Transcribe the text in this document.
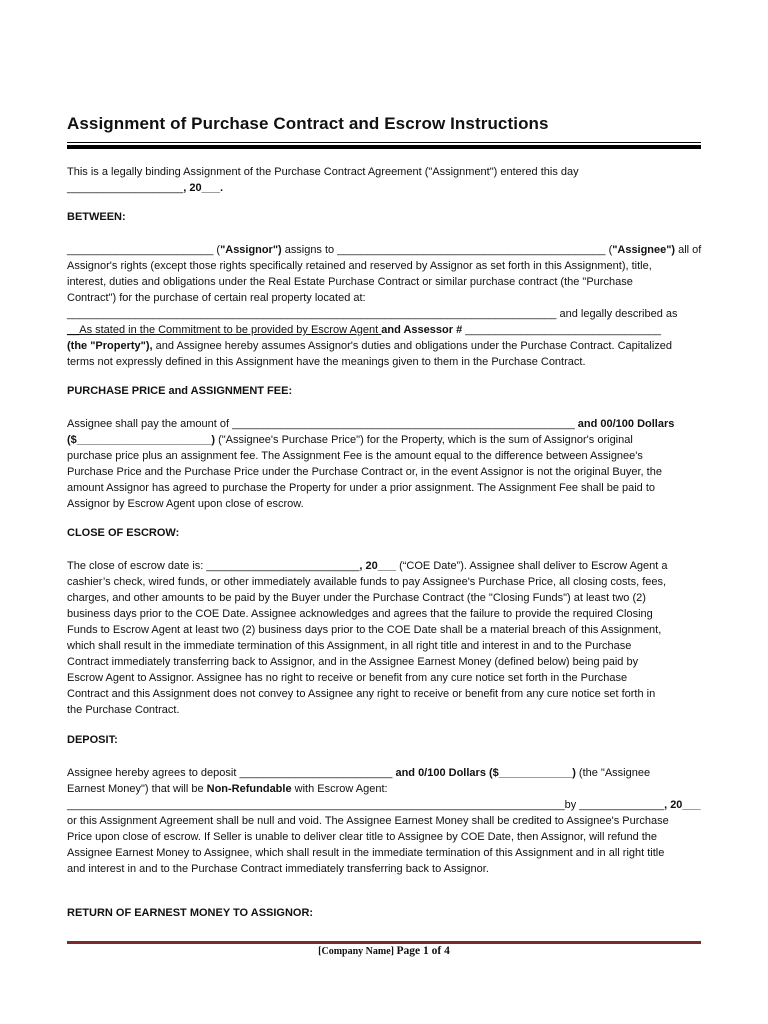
Assignment of Purchase Contract and Escrow Instructions
This is a legally binding Assignment of the Purchase Contract Agreement ("Assignment") entered this day
___________________, 20___.
BETWEEN:
________________________ ("Assignor") assigns to ____________________________________________ ("Assignee") all of
Assignor's rights (except those rights specifically retained and reserved by Assignor as set forth in this Assignment), title,
interest, duties and obligations under the Real Estate Purchase Contract or similar purchase contract (the "Purchase
Contract") for the purchase of certain real property located at:
________________________________________________________________________________ and legally described as
__As stated in the Commitment to be provided by Escrow Agent and Assessor # ________________________________
(the "Property"), and Assignee hereby assumes Assignor's duties and obligations under the Purchase Contract. Capitalized
terms not expressly defined in this Assignment have the meanings given to them in the Purchase Contract.
PURCHASE PRICE and ASSIGNMENT FEE:
Assignee shall pay the amount of ________________________________________________________ and 00/100 Dollars
($______________________) ("Assignee's Purchase Price") for the Property, which is the sum of Assignor's original
purchase price plus an assignment fee. The Assignment Fee is the amount equal to the difference between Assignee's
Purchase Price and the Purchase Price under the Purchase Contract or, in the event Assignor is not the original Buyer, the
amount Assignor has agreed to purchase the Property for under a prior assignment. The Assignment Fee shall be paid to
Assignor by Escrow Agent upon close of escrow.
CLOSE OF ESCROW:
The close of escrow date is: _________________________, 20___ (“COE Date”). Assignee shall deliver to Escrow Agent a
cashier’s check, wired funds, or other immediately available funds to pay Assignee's Purchase Price, all closing costs, fees,
charges, and other amounts to be paid by the Buyer under the Purchase Contract (the "Closing Funds") at least two (2)
business days prior to the COE Date. Assignee acknowledges and agrees that the failure to provide the required Closing
Funds to Escrow Agent at least two (2) business days prior to the COE Date shall be a material breach of this Assignment,
which shall result in the immediate termination of this Assignment, in all right title and interest in and to the Purchase
Contract immediately transferring back to Assignor, and in the Assignee Earnest Money (defined below) being paid by
Escrow Agent to Assignor. Assignee has no right to receive or benefit from any cure notice set forth in the Purchase
Contract and this Assignment does not convey to Assignee any right to receive or benefit from any cure notice set forth in
the Purchase Contract.
DEPOSIT:
Assignee hereby agrees to deposit _________________________ and 0/100 Dollars ($____________) (the "Assignee
Earnest Money") that will be Non-Refundable with Escrow Agent:
__________________________________________________________________________________by ______________, 20___
or this Assignment Agreement shall be null and void. The Assignee Earnest Money shall be credited to Assignee's Purchase
Price upon close of escrow. If Seller is unable to deliver clear title to Assignee by COE Date, then Assignor, will refund the
Assignee Earnest Money to Assignee, which shall result in the immediate termination of this Assignment and in all right title
and interest in and to the Purchase Contract immediately transferring back to Assignor.
RETURN OF EARNEST MONEY TO ASSIGNOR:
[Company Name] Page 1 of 4
